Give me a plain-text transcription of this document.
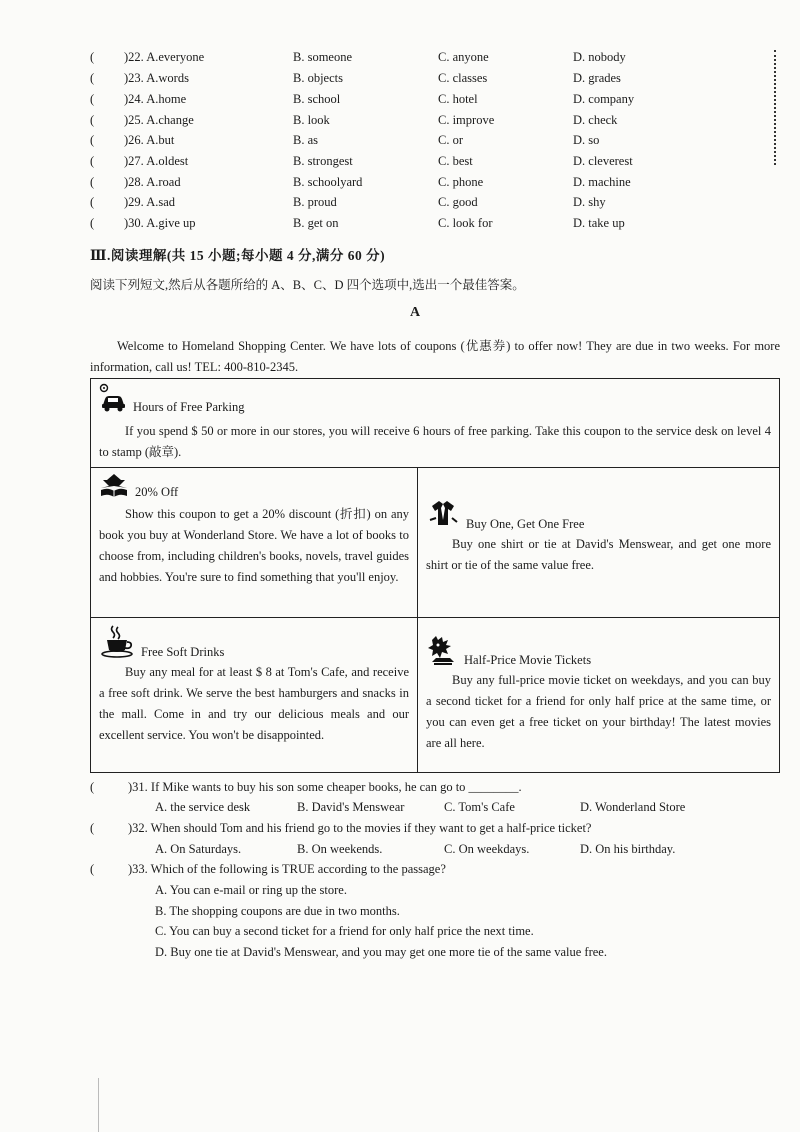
( )22. A.everyone	B. someone	C. anyone	D. nobody
( )23. A.words	B. objects	C. classes	D. grades
( )24. A.home	B. school	C. hotel	D. company
( )25. A.change	B. look	C. improve	D. check
( )26. A.but	B. as	C. or	D. so
( )27. A.oldest	B. strongest	C. best	D. cleverest
( )28. A.road	B. schoolyard	C. phone	D. machine
( )29. A.sad	B. proud	C. good	D. shy
( )30. A.give up	B. get on	C. look for	D. take up
Ⅲ.阅读理解(共 15 小题;每小题 4 分,满分 60 分)
阅读下列短文,然后从各题所给的 A、B、C、D 四个选项中,选出一个最佳答案。
A
Welcome to Homeland Shopping Center. We have lots of coupons (优惠券) to offer now! They are due in two weeks. For more information, call us! TEL: 400-810-2345.
Hours of Free Parking

If you spend $ 50 or more in our stores, you will receive 6 hours of free parking. Take this coupon to the service desk on level 4 to stamp (敲章).

20% Off

Show this coupon to get a 20% discount (折扣) on any book you buy at Wonderland Store. We have a lot of books to choose from, including children's books, novels, travel guides and hobbies. You're sure to find something that you'll enjoy.

Buy One, Get One Free

Buy one shirt or tie at David's Menswear, and get one more shirt or tie of the same value free.

Free Soft Drinks

Buy any meal for at least $ 8 at Tom's Cafe, and receive a free soft drink. We serve the best hamburgers and snacks in the mall. Come in and try our delicious meals and our excellent service. You won't be disappointed.

Half-Price Movie Tickets

Buy any full-price movie ticket on weekdays, and you can buy a second ticket for a friend for only half price at the same time, or you can even get a free ticket on your birthday! The latest movies are all here.

(	)31. If Mike wants to buy his son some cheaper books, he can go to ________.
A. the service desk	B. David's Menswear	C. Tom's Cafe	D. Wonderland Store
(	)32. When should Tom and his friend go to the movies if they want to get a half-price ticket?
A. On Saturdays.	B. On weekends.	C. On weekdays.	D. On his birthday.
(	)33. Which of the following is TRUE according to the passage?
A. You can e-mail or ring up the store.
B. The shopping coupons are due in two months.
C. You can buy a second ticket for a friend for only half price the next time.
D. Buy one tie at David's Menswear, and you may get one more tie of the same value free.
